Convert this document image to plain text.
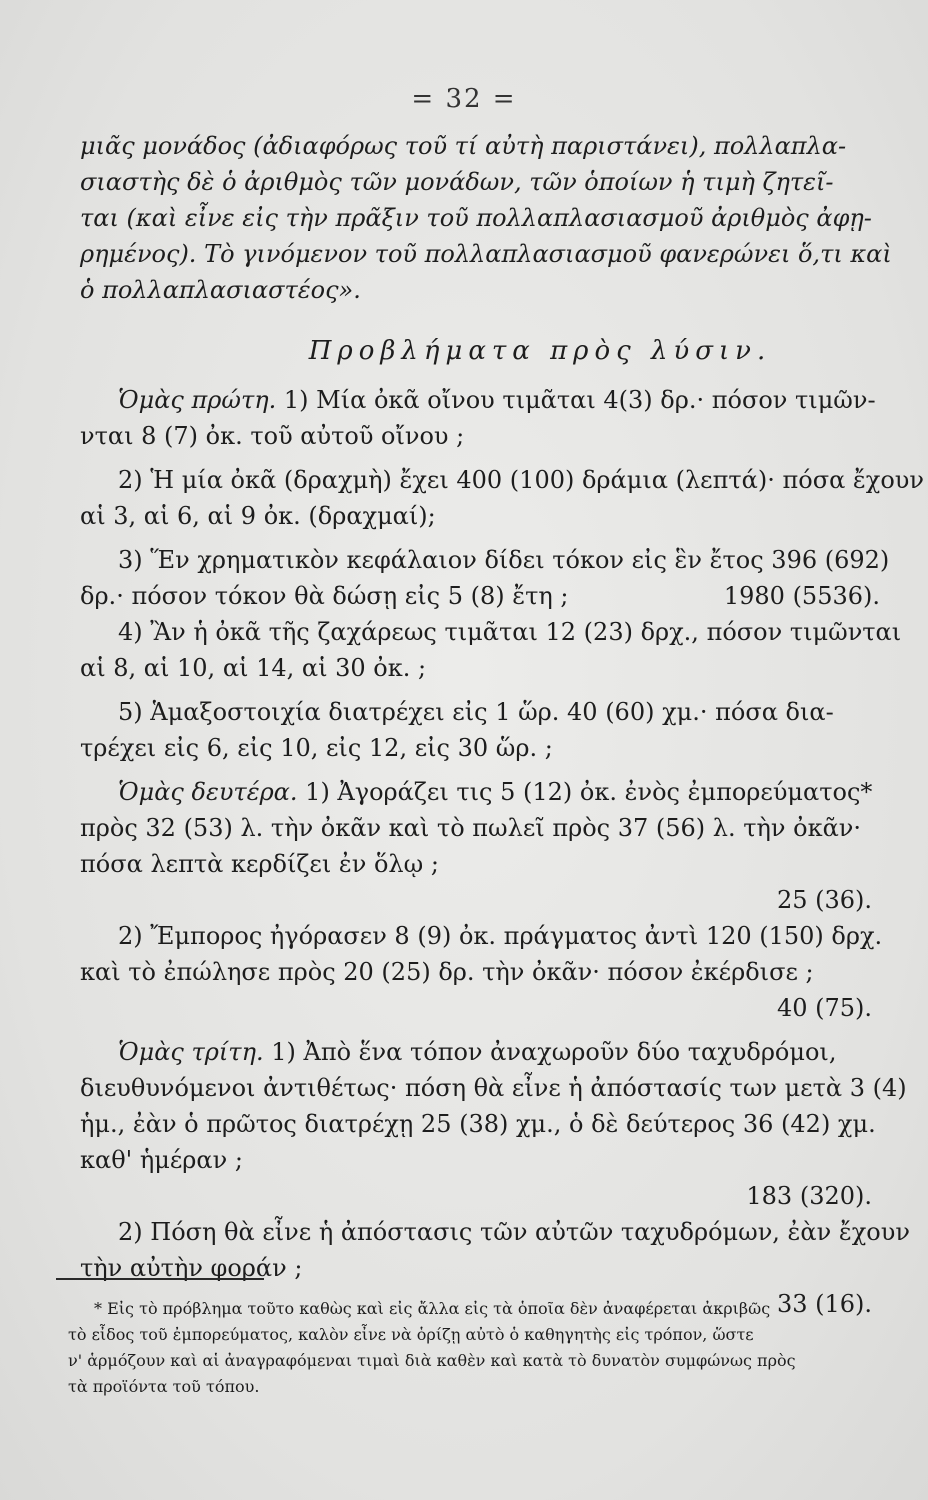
= 32 =
μιᾶς μονάδος (ἀδιαφόρως τοῦ τί αὐτὴ παριστάνει), πολλαπλα-
σιαστὴς δὲ ὁ ἀριθμὸς τῶν μονάδων, τῶν ὁποίων ἡ τιμὴ ζητεῖ-
ται (καὶ εἶνε εἰς τὴν πρᾶξιν τοῦ πολλαπλασιασμοῦ ἀριθμὸς ἀφῃ-
ρημένος). Τὸ γινόμενον τοῦ πολλαπλασιασμοῦ φανερώνει ὅ,τι καὶ
ὁ πολλαπλασιαστέος».
Προβλήματα πρὸς λύσιν.
Ὁμὰς πρώτη. 1) Μία ὀκᾶ οἴνου τιμᾶται 4(3) δρ.· πόσον τιμῶν-
νται 8 (7) ὀκ. τοῦ αὐτοῦ οἴνου ;
2) Ἡ μία ὀκᾶ (δραχμὴ) ἔχει 400 (100) δράμια (λεπτά)· πόσα ἔχουν
αἱ 3, αἱ 6, αἱ 9 ὀκ. (δραχμαί);
3) Ἕν χρηματικὸν κεφάλαιον δίδει τόκον εἰς ἓν ἔτος 396 (692)
δρ.· πόσον τόκον θὰ δώσῃ εἰς 5 (8) ἔτη ;	1980 (5536).
4) Ἂν ἡ ὀκᾶ τῆς ζαχάρεως τιμᾶται 12 (23) δρχ., πόσον τιμῶνται
αἱ 8, αἱ 10, αἱ 14, αἱ 30 ὀκ. ;
5) Ἁμαξοστοιχία διατρέχει εἰς 1 ὥρ. 40 (60) χμ.· πόσα δια-
τρέχει εἰς 6, εἰς 10, εἰς 12, εἰς 30 ὥρ. ;
Ὁμὰς δευτέρα. 1) Ἀγοράζει τις 5 (12) ὀκ. ἐνὸς ἐμπορεύματος*
πρὸς 32 (53) λ. τὴν ὀκᾶν καὶ τὸ πωλεῖ πρὸς 37 (56) λ. τὴν ὀκᾶν·
πόσα λεπτὰ κερδίζει ἐν ὅλῳ ;
25 (36).
2) Ἔμπορος ἠγόρασεν 8 (9) ὀκ. πράγματος ἀντὶ 120 (150) δρχ.
καὶ τὸ ἐπώλησε πρὸς 20 (25) δρ. τὴν ὀκᾶν· πόσον ἐκέρδισε ;
40 (75).
Ὁμὰς τρίτη. 1) Ἀπὸ ἕνα τόπον ἀναχωροῦν δύο ταχυδρόμοι,
διευθυνόμενοι ἀντιθέτως· πόση θὰ εἶνε ἡ ἀπόστασίς των μετὰ 3 (4)
ἡμ., ἐὰν ὁ πρῶτος διατρέχῃ 25 (38) χμ., ὁ δὲ δεύτερος 36 (42) χμ.
καθ' ἡμέραν ;
183 (320).
2) Πόση θὰ εἶνε ἡ ἀπόστασις τῶν αὐτῶν ταχυδρόμων, ἐὰν ἔχουν
τὴν αὐτὴν φοράν ;
33 (16).
* Εἰς τὸ πρόβλημα τοῦτο καθὼς καὶ εἰς ἄλλα εἰς τὰ ὁποῖα δὲν ἀναφέρεται ἀκριβῶς
τὸ εἶδος τοῦ ἐμπορεύματος, καλὸν εἶνε νὰ ὁρίζῃ αὐτὸ ὁ καθηγητὴς εἰς τρόπον, ὥστε
ν' ἁρμόζουν καὶ αἱ ἀναγραφόμεναι τιμαὶ διὰ καθὲν καὶ κατὰ τὸ δυνατὸν συμφώνως πρὸς
τὰ προϊόντα τοῦ τόπου.
